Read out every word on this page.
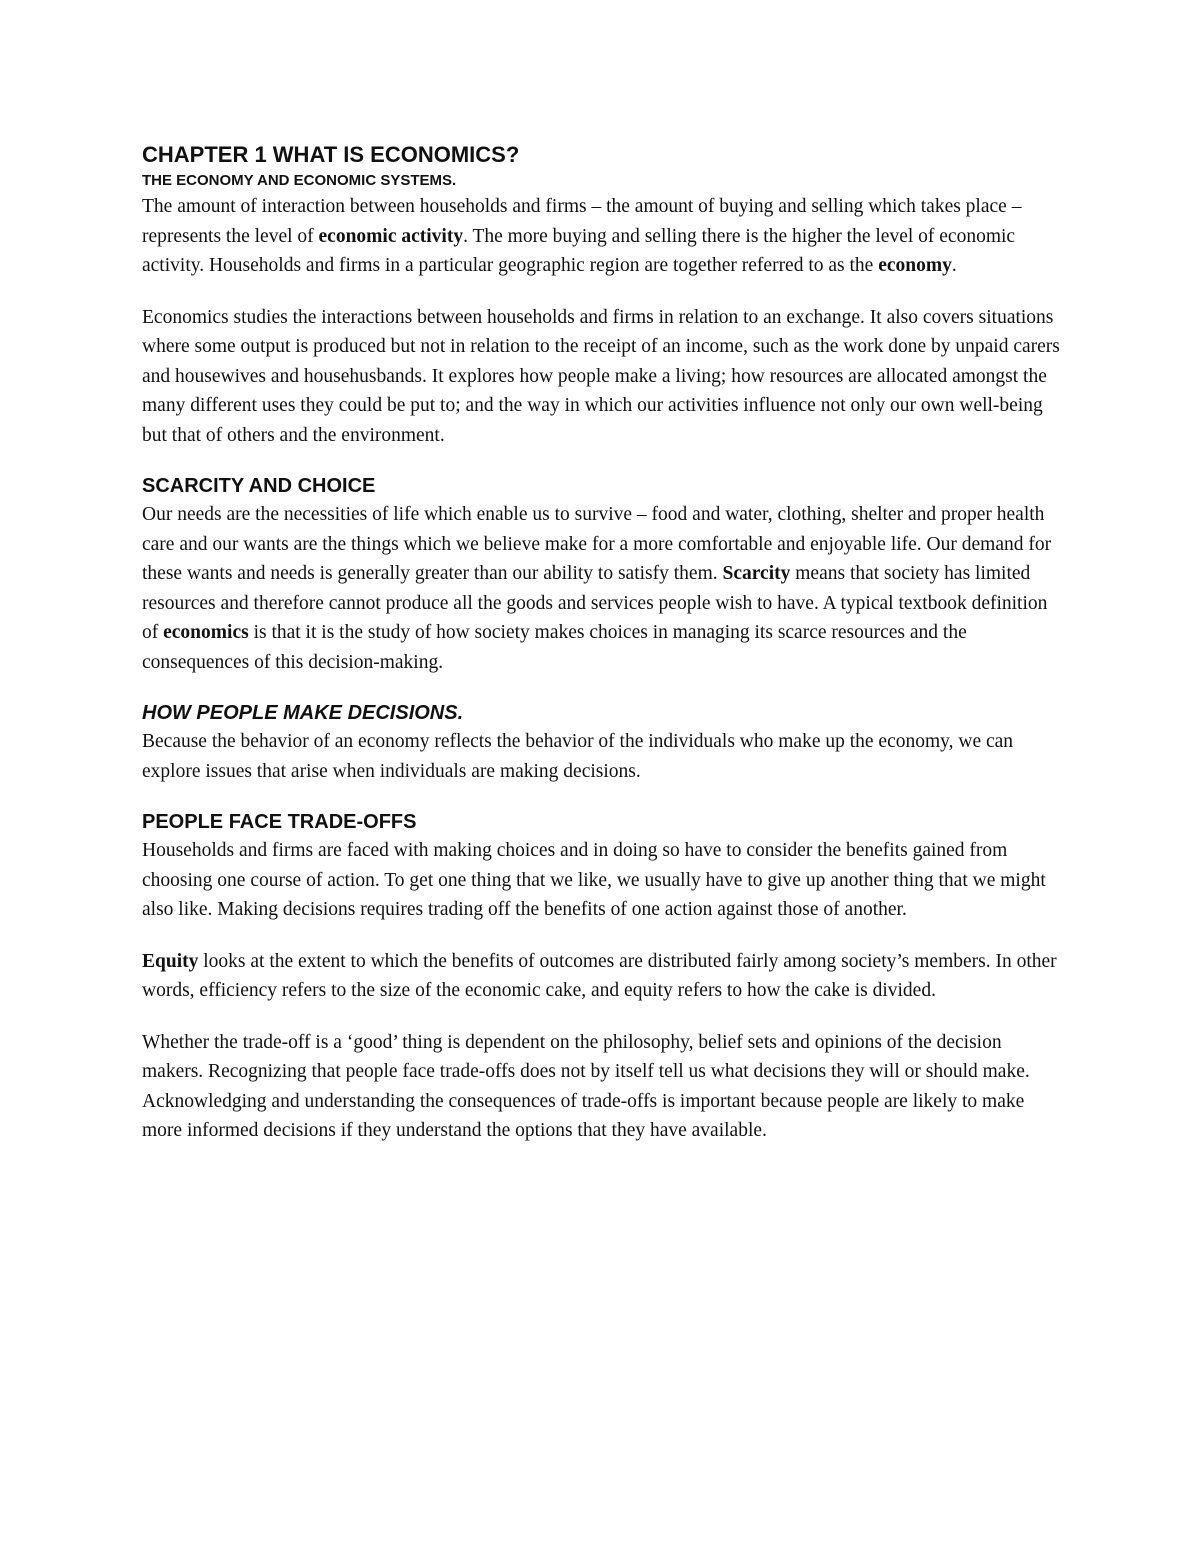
CHAPTER 1 WHAT IS ECONOMICS?
THE ECONOMY AND ECONOMIC SYSTEMS.

The amount of interaction between households and firms – the amount of buying and selling which takes place – represents the level of economic activity. The more buying and selling there is the higher the level of economic activity. Households and firms in a particular geographic region are together referred to as the economy.

Economics studies the interactions between households and firms in relation to an exchange. It also covers situations where some output is produced but not in relation to the receipt of an income, such as the work done by unpaid carers and housewives and househusbands. It explores how people make a living; how resources are allocated amongst the many different uses they could be put to; and the way in which our activities influence not only our own well-being but that of others and the environment.

SCARCITY AND CHOICE

Our needs are the necessities of life which enable us to survive – food and water, clothing, shelter and proper health care and our wants are the things which we believe make for a more comfortable and enjoyable life. Our demand for these wants and needs is generally greater than our ability to satisfy them. Scarcity means that society has limited resources and therefore cannot produce all the goods and services people wish to have. A typical textbook definition of economics is that it is the study of how society makes choices in managing its scarce resources and the consequences of this decision-making.

HOW PEOPLE MAKE DECISIONS.

Because the behavior of an economy reflects the behavior of the individuals who make up the economy, we can explore issues that arise when individuals are making decisions.

PEOPLE FACE TRADE-OFFS

Households and firms are faced with making choices and in doing so have to consider the benefits gained from choosing one course of action. To get one thing that we like, we usually have to give up another thing that we might also like. Making decisions requires trading off the benefits of one action against those of another.

Equity looks at the extent to which the benefits of outcomes are distributed fairly among society’s members. In other words, efficiency refers to the size of the economic cake, and equity refers to how the cake is divided.

Whether the trade-off is a ‘good’ thing is dependent on the philosophy, belief sets and opinions of the decision makers. Recognizing that people face trade-offs does not by itself tell us what decisions they will or should make. Acknowledging and understanding the consequences of trade-offs is important because people are likely to make more informed decisions if they understand the options that they have available.
